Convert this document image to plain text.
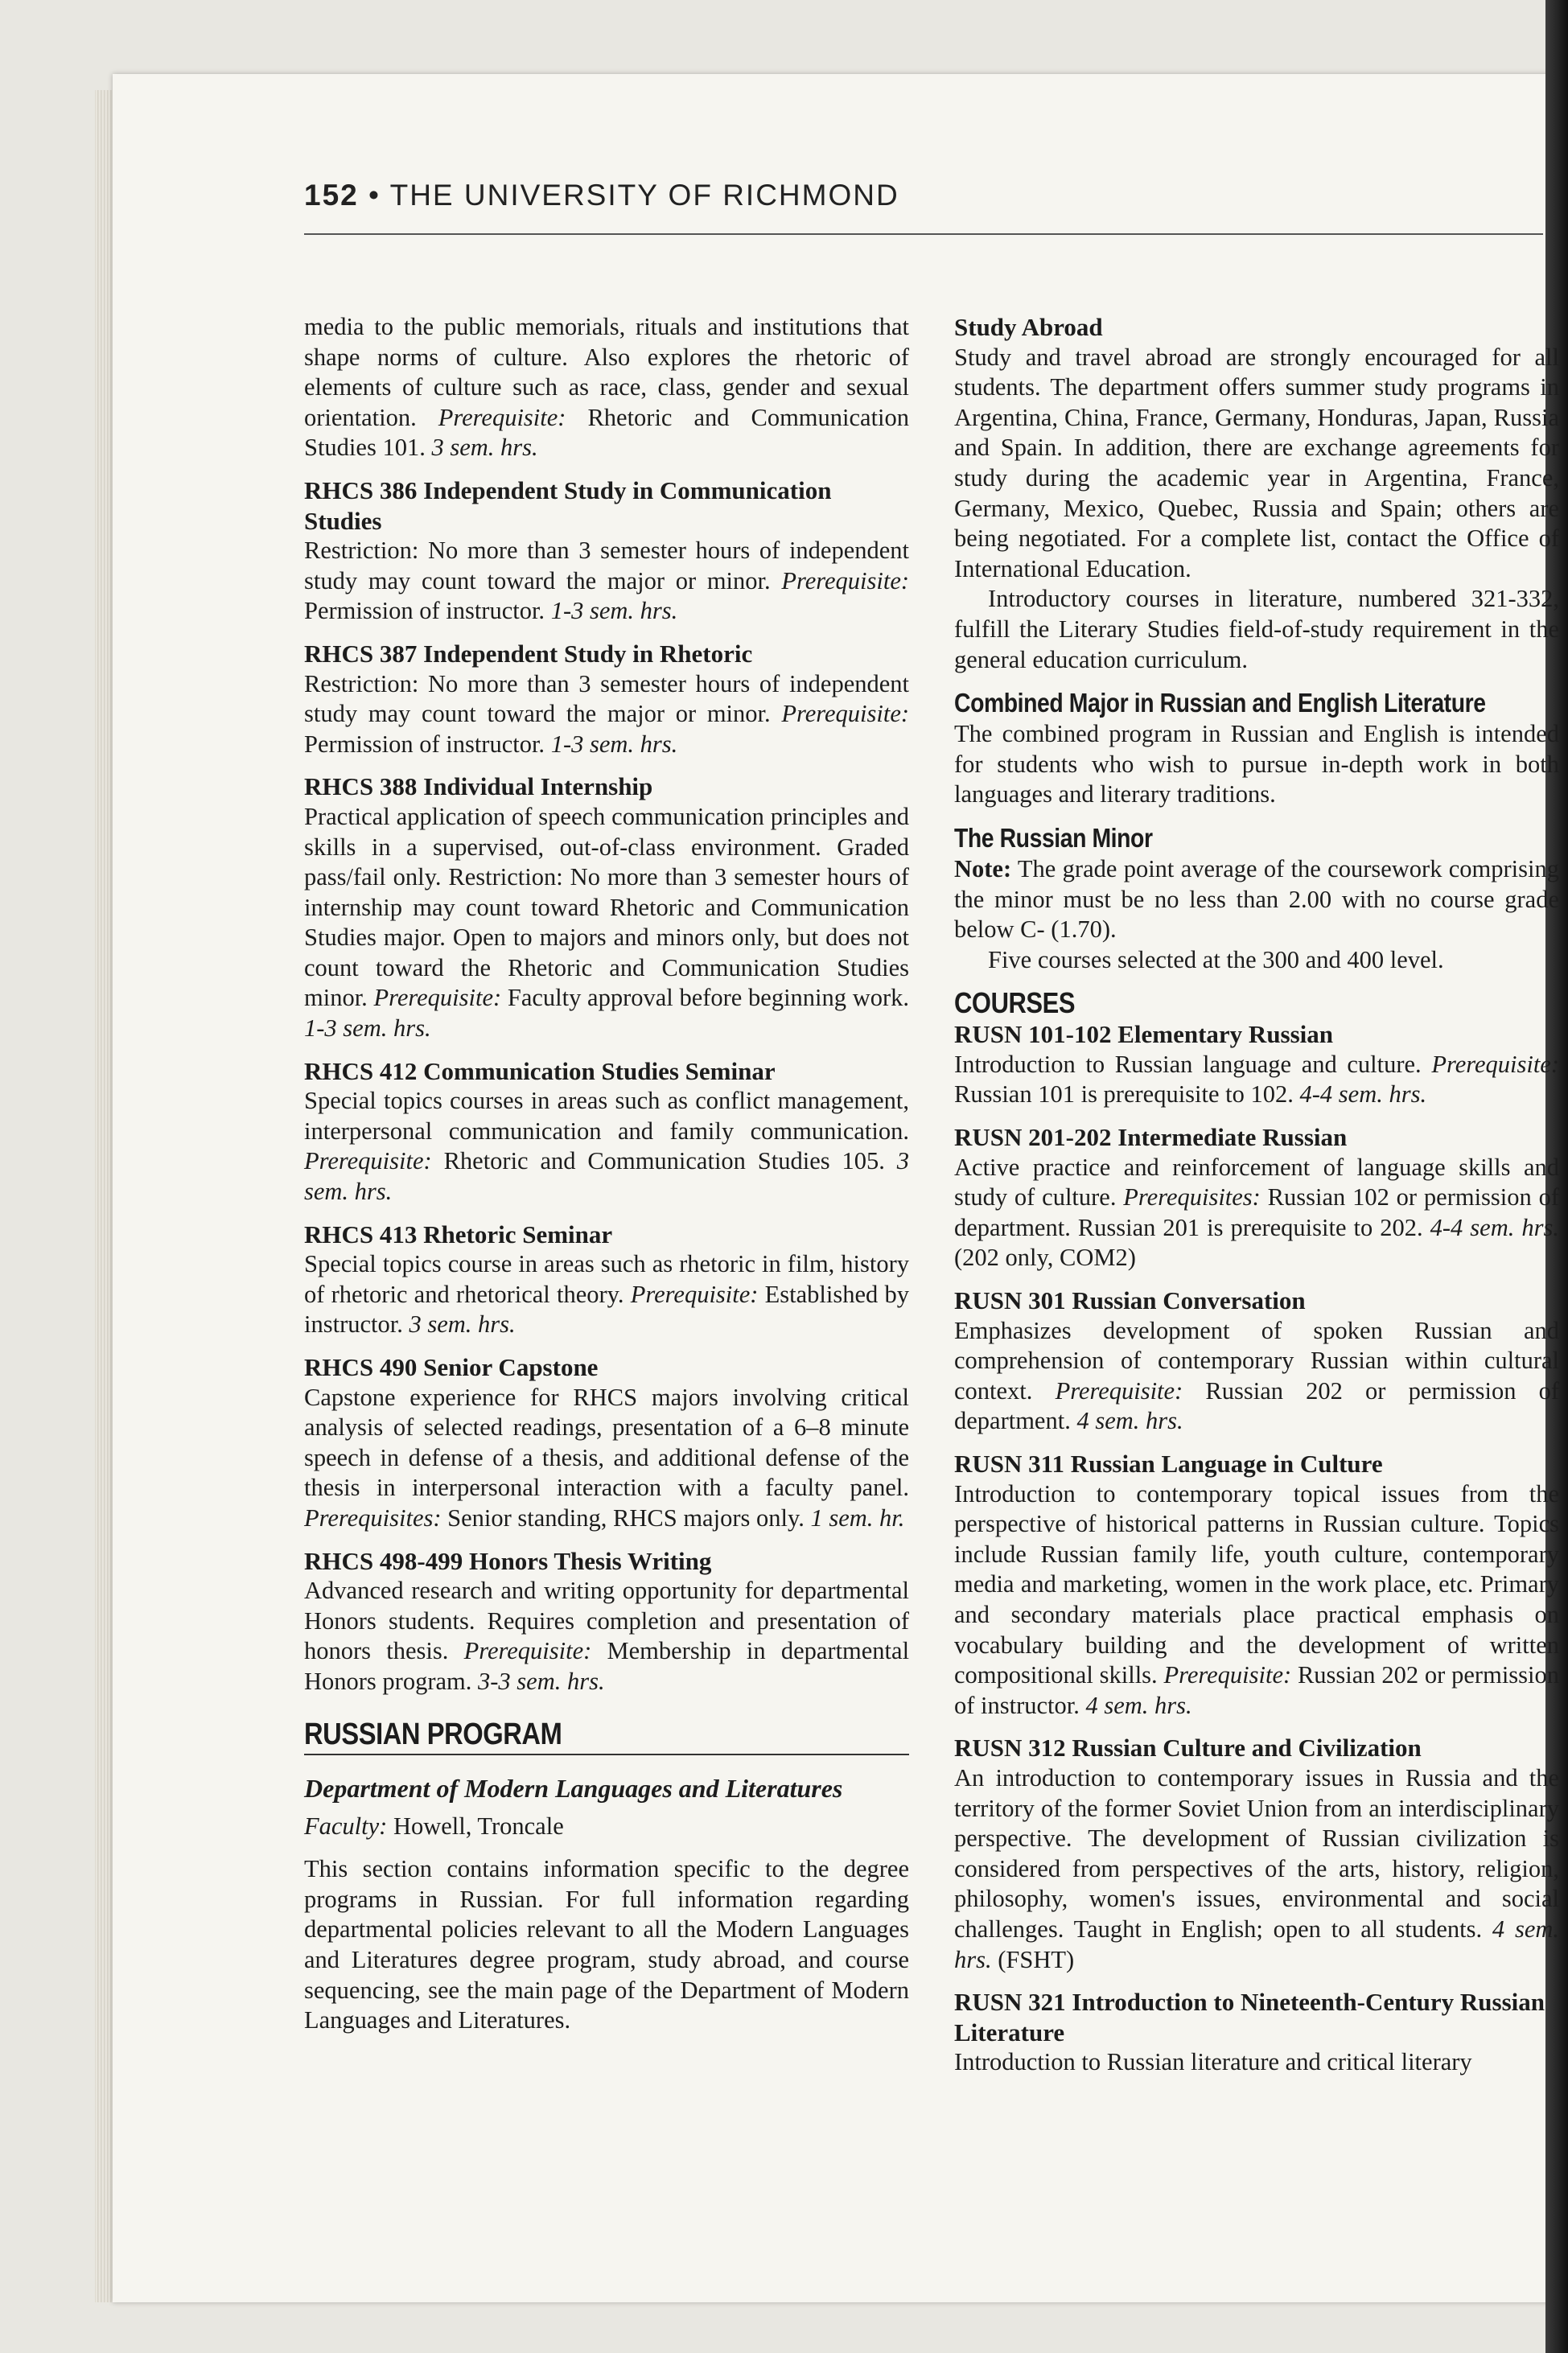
152 • THE UNIVERSITY OF RICHMOND

media to the public memorials, rituals and institutions that shape norms of culture. Also explores the rhetoric of elements of culture such as race, class, gender and sexual orientation. Prerequisite: Rhetoric and Communication Studies 101. 3 sem. hrs.

RHCS 386 Independent Study in Communication Studies

Restriction: No more than 3 semester hours of independent study may count toward the major or minor. Prerequisite: Permission of instructor. 1-3 sem. hrs.

RHCS 387 Independent Study in Rhetoric

Restriction: No more than 3 semester hours of independent study may count toward the major or minor. Prerequisite: Permission of instructor. 1-3 sem. hrs.

RHCS 388 Individual Internship

Practical application of speech communication principles and skills in a supervised, out-of-class environment. Graded pass/fail only. Restriction: No more than 3 semester hours of internship may count toward Rhetoric and Communication Studies major. Open to majors and minors only, but does not count toward the Rhetoric and Communication Studies minor. Prerequisite: Faculty approval before beginning work. 1-3 sem. hrs.

RHCS 412 Communication Studies Seminar

Special topics courses in areas such as conflict management, interpersonal communication and family communication. Prerequisite: Rhetoric and Communication Studies 105. 3 sem. hrs.

RHCS 413 Rhetoric Seminar

Special topics course in areas such as rhetoric in film, history of rhetoric and rhetorical theory. Prerequisite: Established by instructor. 3 sem. hrs.

RHCS 490 Senior Capstone

Capstone experience for RHCS majors involving critical analysis of selected readings, presentation of a 6–8 minute speech in defense of a thesis, and additional defense of the thesis in interpersonal interaction with a faculty panel. Prerequisites: Senior standing, RHCS majors only. 1 sem. hr.

RHCS 498-499 Honors Thesis Writing

Advanced research and writing opportunity for departmental Honors students. Requires completion and presentation of honors thesis. Prerequisite: Membership in departmental Honors program. 3-3 sem. hrs.

RUSSIAN PROGRAM
Department of Modern Languages and Literatures
Faculty: Howell, Troncale

This section contains information specific to the degree programs in Russian. For full information regarding departmental policies relevant to all the Modern Languages and Literatures degree program, study abroad, and course sequencing, see the main page of the Department of Modern Languages and Literatures.

Study Abroad

Study and travel abroad are strongly encouraged for all students. The department offers summer study programs in Argentina, China, France, Germany, Honduras, Japan, Russia and Spain. In addition, there are exchange agreements for study during the academic year in Argentina, France, Germany, Mexico, Quebec, Russia and Spain; others are being negotiated. For a complete list, contact the Office of International Education.

Introductory courses in literature, numbered 321-332, fulfill the Literary Studies field-of-study requirement in the general education curriculum.

Combined Major in Russian and English Literature

The combined program in Russian and English is intended for students who wish to pursue in-depth work in both languages and literary traditions.

The Russian Minor

Note: The grade point average of the coursework comprising the minor must be no less than 2.00 with no course grade below C- (1.70).

Five courses selected at the 300 and 400 level.

COURSES
RUSN 101-102 Elementary Russian

Introduction to Russian language and culture. Prerequisite: Russian 101 is prerequisite to 102. 4-4 sem. hrs.

RUSN 201-202 Intermediate Russian

Active practice and reinforcement of language skills and study of culture. Prerequisites: Russian 102 or permission of department. Russian 201 is prerequisite to 202. 4-4 sem. hrs. (202 only, COM2)

RUSN 301 Russian Conversation

Emphasizes development of spoken Russian and comprehension of contemporary Russian within cultural context. Prerequisite: Russian 202 or permission of department. 4 sem. hrs.

RUSN 311 Russian Language in Culture

Introduction to contemporary topical issues from the perspective of historical patterns in Russian culture. Topics include Russian family life, youth culture, contemporary media and marketing, women in the work place, etc. Primary and secondary materials place practical emphasis on vocabulary building and the development of written compositional skills. Prerequisite: Russian 202 or permission of instructor. 4 sem. hrs.

RUSN 312 Russian Culture and Civilization

An introduction to contemporary issues in Russia and the territory of the former Soviet Union from an interdisciplinary perspective. The development of Russian civilization is considered from perspectives of the arts, history, religion, philosophy, women's issues, environmental and social challenges. Taught in English; open to all students. 4 sem. hrs. (FSHT)

RUSN 321 Introduction to Nineteenth-Century Russian Literature

Introduction to Russian literature and critical literary
